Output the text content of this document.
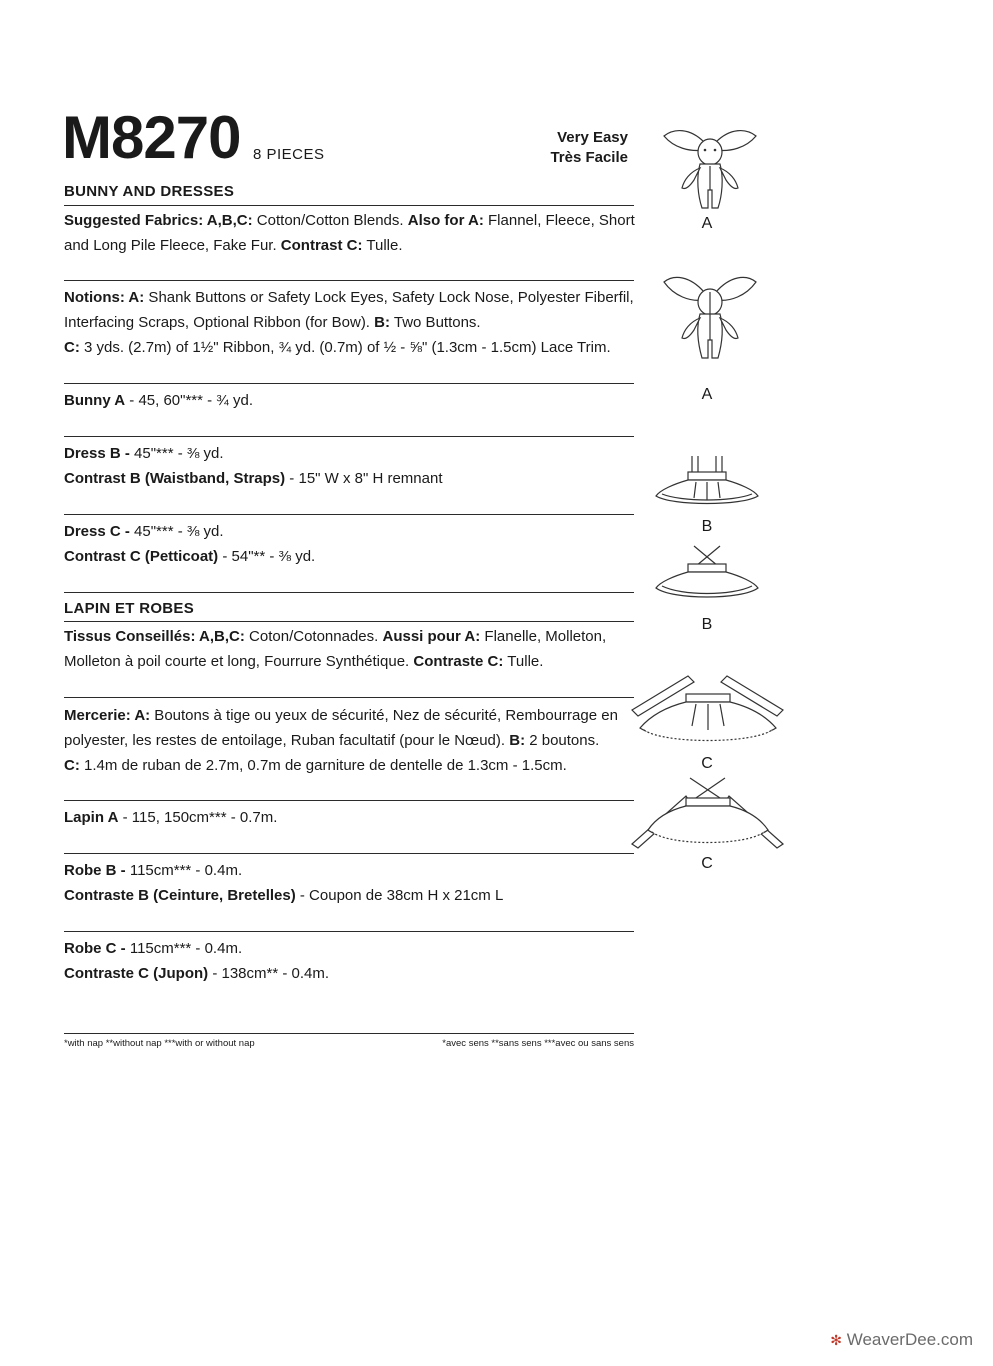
M8270 8 PIECES
Very Easy
Très Facile
BUNNY AND DRESSES
Suggested Fabrics: A,B,C: Cotton/Cotton Blends. Also for A: Flannel, Fleece, Short and Long Pile Fleece, Fake Fur. Contrast C: Tulle.
Notions: A: Shank Buttons or Safety Lock Eyes, Safety Lock Nose, Polyester Fiberfil, Interfacing Scraps, Optional Ribbon (for Bow). B: Two Buttons.
C: 3 yds. (2.7m) of 1½" Ribbon, ¾ yd. (0.7m) of ½ - ⅝" (1.3cm - 1.5cm) Lace Trim.
Bunny A - 45, 60"*** - ¾ yd.
Dress B - 45"*** - ⅜ yd.
Contrast B (Waistband, Straps) - 15" W x 8" H remnant
Dress C - 45"*** - ⅜ yd.
Contrast C (Petticoat) - 54"** - ⅜ yd.
LAPIN ET ROBES
Tissus Conseillés: A,B,C: Coton/Cotonnades. Aussi pour A: Flanelle, Molleton, Molleton à poil courte et long, Fourrure Synthétique. Contraste C: Tulle.
Mercerie: A: Boutons à tige ou yeux de sécurité, Nez de sécurité, Rembourrage en polyester, les restes de entoilage, Ruban facultatif (pour le Nœud). B: 2 boutons.
C: 1.4m de ruban de 2.7m, 0.7m de garniture de dentelle de 1.3cm - 1.5cm.
Lapin A - 115, 150cm*** - 0.7m.
Robe B - 115cm*** - 0.4m.
Contraste B (Ceinture, Bretelles) - Coupon de 38cm H x 21cm L
Robe C - 115cm*** - 0.4m.
Contraste C (Jupon) - 138cm** - 0.4m.
*with nap **without nap ***with or without nap	*avec sens **sans sens ***avec ou sans sens
A
A
B
B
C
C
✻ WeaverDee.com
